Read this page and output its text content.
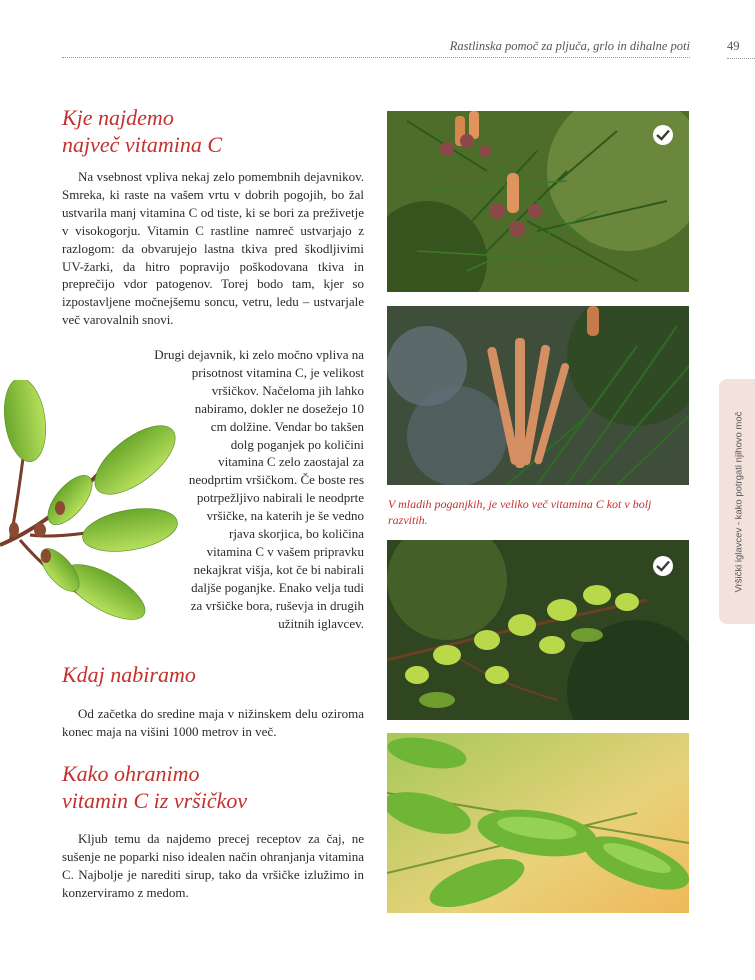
Rastlinska pomoč za pljuča, grlo in dihalne poti	49
Kje najdemo
največ vitamina C

Na vsebnost vpliva nekaj zelo pomembnih dejavnikov. Smreka, ki raste na vašem vrtu v dobrih pogojih, bo žal ustvarila manj vitamina C od tiste, ki se bori za preživetje v visokogorju. Vitamin C rastline namreč ustvarjajo z razlogom: da obvarujejo lastna tkiva pred škodljivimi UV-žarki, da hitro popravijo poškodovana tkiva in preprečijo vdor patogenov. Torej bodo tam, kjer so izpostavljene močnejšemu soncu, vetru, ledu – ustvarjale več varovalnih snovi.

Drugi dejavnik, ki zelo močno vpliva na prisotnost vitamina C, je velikost vršičkov. Načeloma jih lahko nabiramo, dokler ne dosežejo 10 cm dolžine. Vendar bo takšen dolg poganjek po količini vitamina C zelo zaostajal za neodprtim vršičkom. Če boste res potrpežljivo nabirali le neodprte vršičke, na katerih je še vedno rjava skorjica, bo količina vitamina C v vašem pripravku nekajkrat višja, kot če bi nabirali daljše poganjke. Enako velja tudi za vršičke bora, ruševja in drugih užitnih iglavcev.

Kdaj nabiramo

Od začetka do sredine maja v nižinskem delu oziroma konec maja na višini 1000 metrov in več.

Kako ohranimo
vitamin C iz vršičkov

Kljub temu da najdemo precej receptov za čaj, ne sušenje ne poparki niso idealen način ohranjanja vitamina C. Najbolje je narediti sirup, tako da vršičke izlužimo in konzerviramo z medom.

V mladih poganjkih, je veliko več vitamina C kot v bolj razvitih.	Vršički iglavcev - kako potrgati njihovo moč
